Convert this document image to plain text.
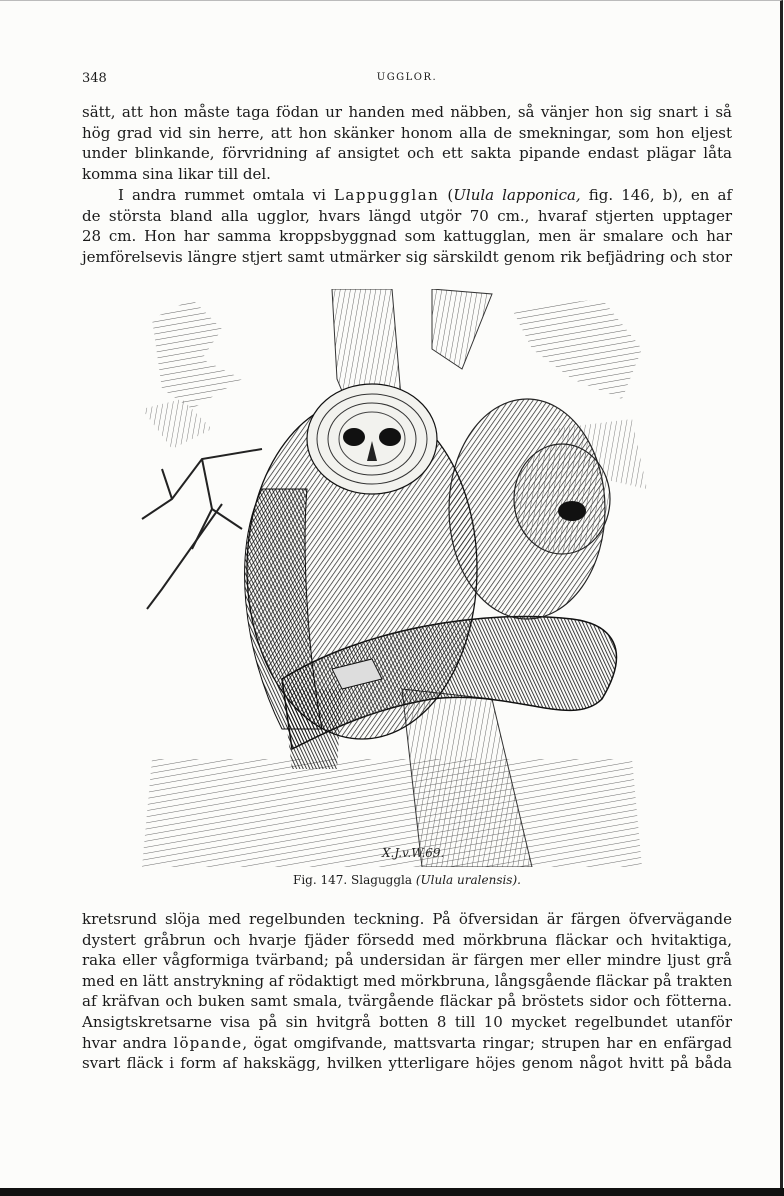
348	UGGLOR.

sätt, att hon måste taga födan ur handen med näbben, så vänjer hon sig snart i så
hög grad vid sin herre, att hon skänker honom alla de smekningar, som hon eljest
under blinkande, förvridning af ansigtet och ett sakta pipande endast plägar låta
komma sina likar till del.

I andra rummet omtala vi Lappugglan (Ulula lapponica, fig. 146, b), en af
de största bland alla ugglor, hvars längd utgör 70 cm., hvaraf stjerten upptager
28 cm. Hon har samma kroppsbyggnad som kattugglan, men är smalare och har
jemförelsevis längre stjert samt utmärker sig särskildt genom rik befjädring och stor

X.J.v.W.69.
Fig. 147. Slaguggla (Ulula uralensis).

kretsrund slöja med regelbunden teckning. På öfversidan är färgen öfvervägande
dystert gråbrun och hvarje fjäder försedd med mörkbruna fläckar och hvitaktiga,
raka eller vågformiga tvärband; på undersidan är färgen mer eller mindre ljust grå
med en lätt anstrykning af rödaktigt med mörkbruna, långsgående fläckar på trakten
af kräfvan och buken samt smala, tvärgående fläckar på bröstets sidor och fötterna.
Ansigtskretsarne visa på sin hvitgrå botten 8 till 10 mycket regelbundet utanför
hvar andra löpande, ögat omgifvande, mattsvarta ringar; strupen har en enfärgad
svart fläck i form af hakskägg, hvilken ytterligare höjes genom något hvitt på båda
